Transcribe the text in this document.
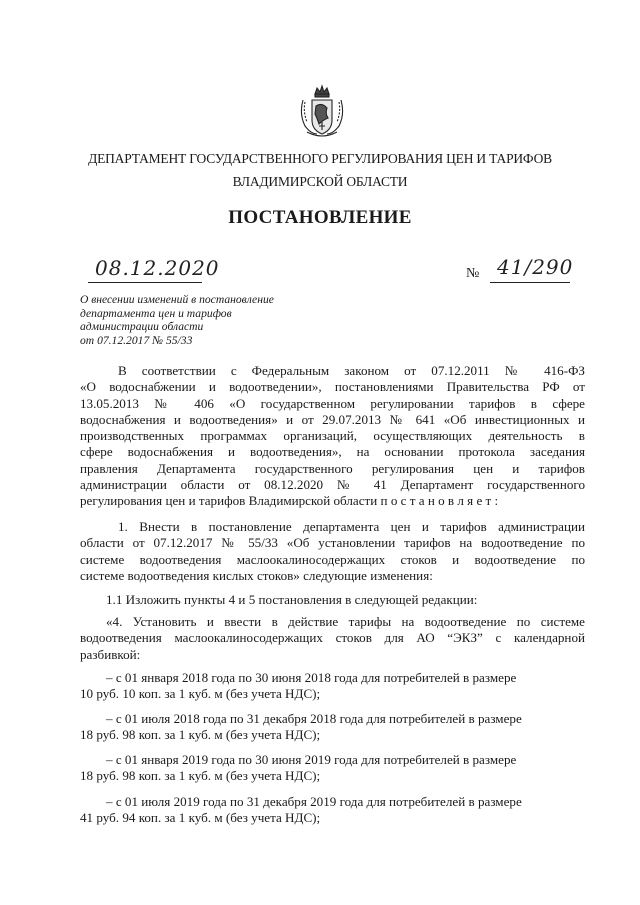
ДЕПАРТАМЕНТ ГОСУДАРСТВЕННОГО РЕГУЛИРОВАНИЯ ЦЕН И ТАРИФОВ
ВЛАДИМИРСКОЙ ОБЛАСТИ
ПОСТАНОВЛЕНИЕ
08.12.2020	№ 41/290
О внесении изменений в постановление
департамента цен и тарифов
администрации области
от 07.12.2017 № 55/33
В соответствии с Федеральным законом от 07.12.2011 № 416-ФЗ
«О водоснабжении и водоотведении», постановлениями Правительства РФ от
13.05.2013 № 406 «О государственном регулировании тарифов в сфере
водоснабжения и водоотведения» и от 29.07.2013 № 641 «Об инвестиционных и
производственных программах организаций, осуществляющих деятельность в
сфере водоснабжения и водоотведения», на основании протокола заседания
правления Департамента государственного регулирования цен и тарифов
администрации области от 08.12.2020 № 41 Департамент государственного
регулирования цен и тарифов Владимирской области п о с т а н о в л я е т :
1. Внести в постановление департамента цен и тарифов администрации
области от 07.12.2017 № 55/33 «Об установлении тарифов на водоотведение по
системе водоотведения маслоокалиносодержащих стоков и водоотведение по
системе водоотведения кислых стоков» следующие изменения:
1.1 Изложить пункты 4 и 5 постановления в следующей редакции:
«4. Установить и ввести в действие тарифы на водоотведение по системе
водоотведения маслоокалиносодержащих стоков для АО “ЭКЗ” с календарной
разбивкой:
– с 01 января 2018 года по 30 июня 2018 года для потребителей в размере
10 руб. 10 коп. за 1 куб. м (без учета НДС);
– с 01 июля 2018 года по 31 декабря 2018 года для потребителей в размере
18 руб. 98 коп. за 1 куб. м (без учета НДС);
– с 01 января 2019 года по 30 июня 2019 года для потребителей в размере
18 руб. 98 коп. за 1 куб. м (без учета НДС);
– с 01 июля 2019 года по 31 декабря 2019 года для потребителей в размере
41 руб. 94 коп. за 1 куб. м (без учета НДС);
